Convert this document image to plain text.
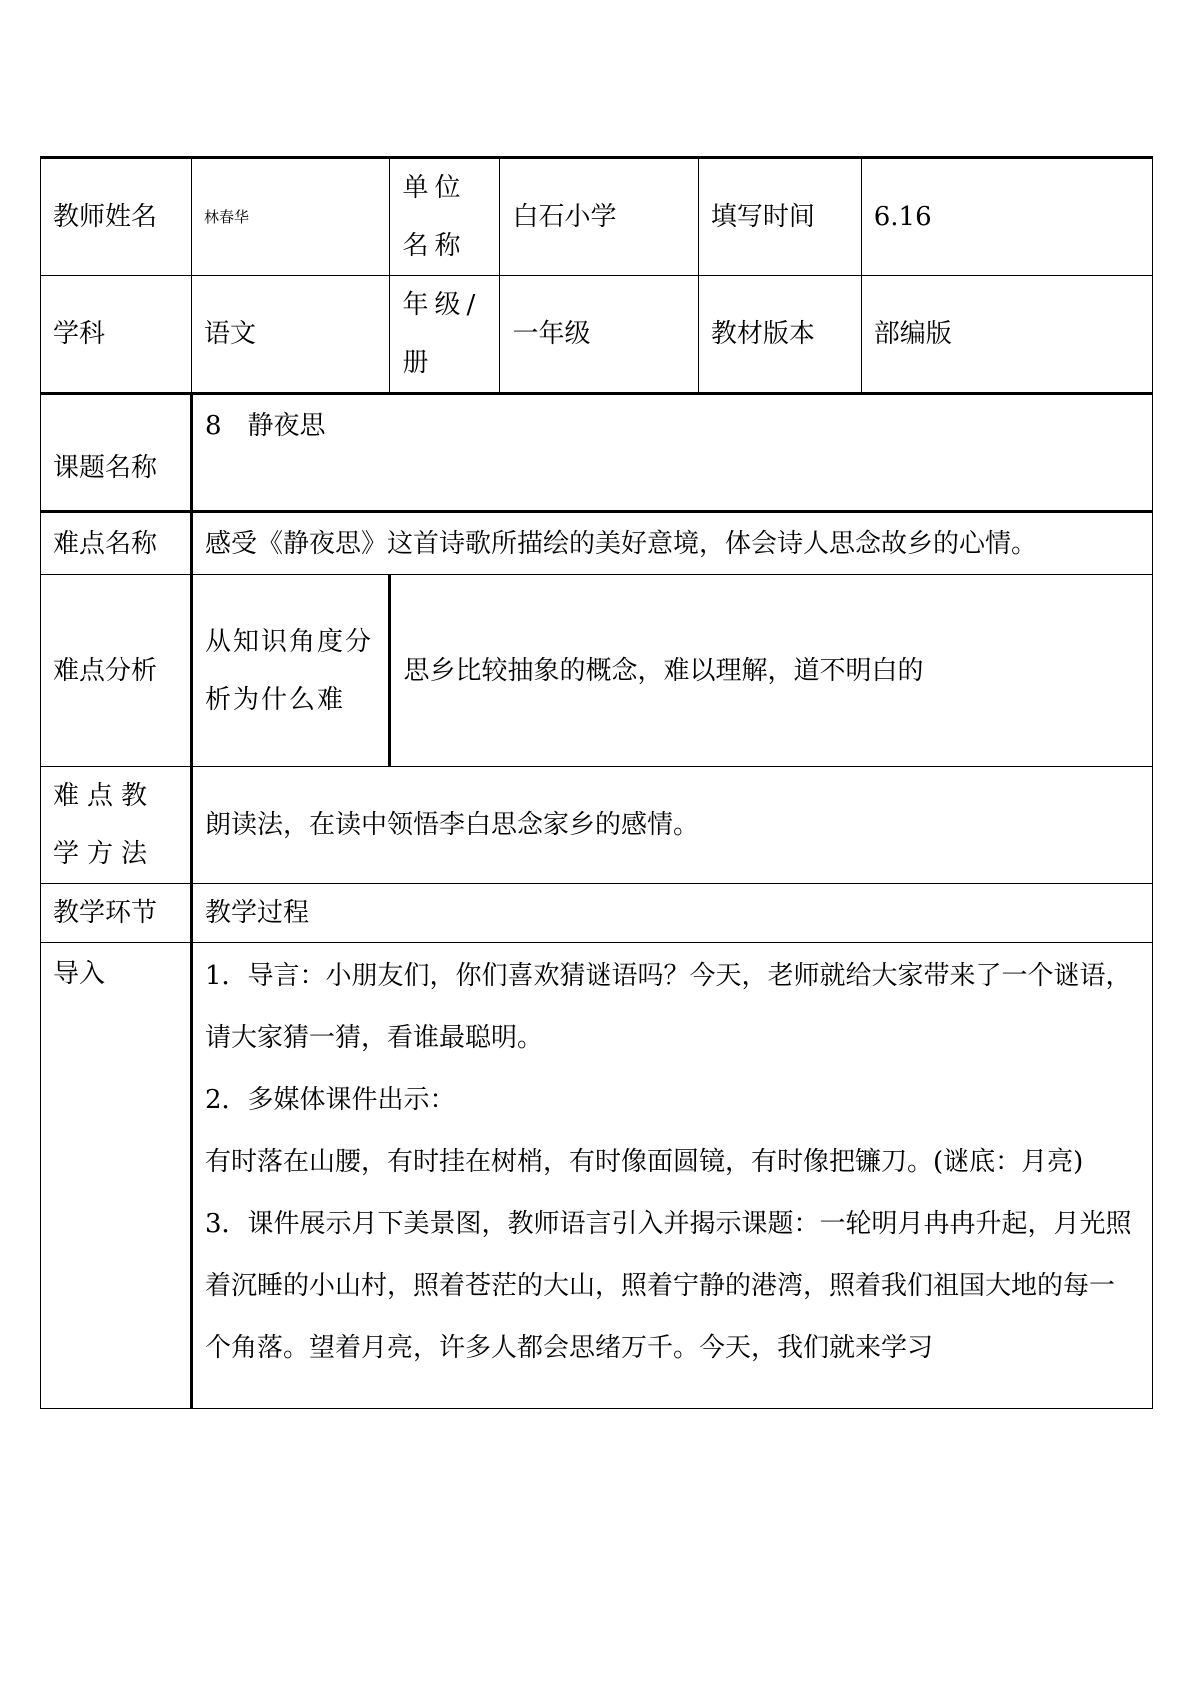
教师姓名	林春华	单位名称	白石小学	填写时间	6.16
学科	语文	年级/册	一年级	教材版本	部编版
课题名称	8　静夜思				
难点名称	感受《静夜思》这首诗歌所描绘的美好意境，体会诗人思念故乡的心情。				
难点分析	从知识角度分析为什么难	思乡比较抽象的概念，难以理解，道不明白的			
难点教学方法	朗读法，在读中领悟李白思念家乡的感情。				
教学环节	教学过程				
导入	1．导言：小朋友们，你们喜欢猜谜语吗？今天，老师就给大家带来了一个谜语，请大家猜一猜，看谁最聪明。

2．多媒体课件出示：

有时落在山腰，有时挂在树梢，有时像面圆镜，有时像把镰刀。(谜底：月亮)

3．课件展示月下美景图，教师语言引入并揭示课题：一轮明月冉冉升起，月光照着沉睡的小山村，照着苍茫的大山，照着宁静的港湾，照着我们祖国大地的每一个角落。望着月亮，许多人都会思绪万千。今天，我们就来学习				
